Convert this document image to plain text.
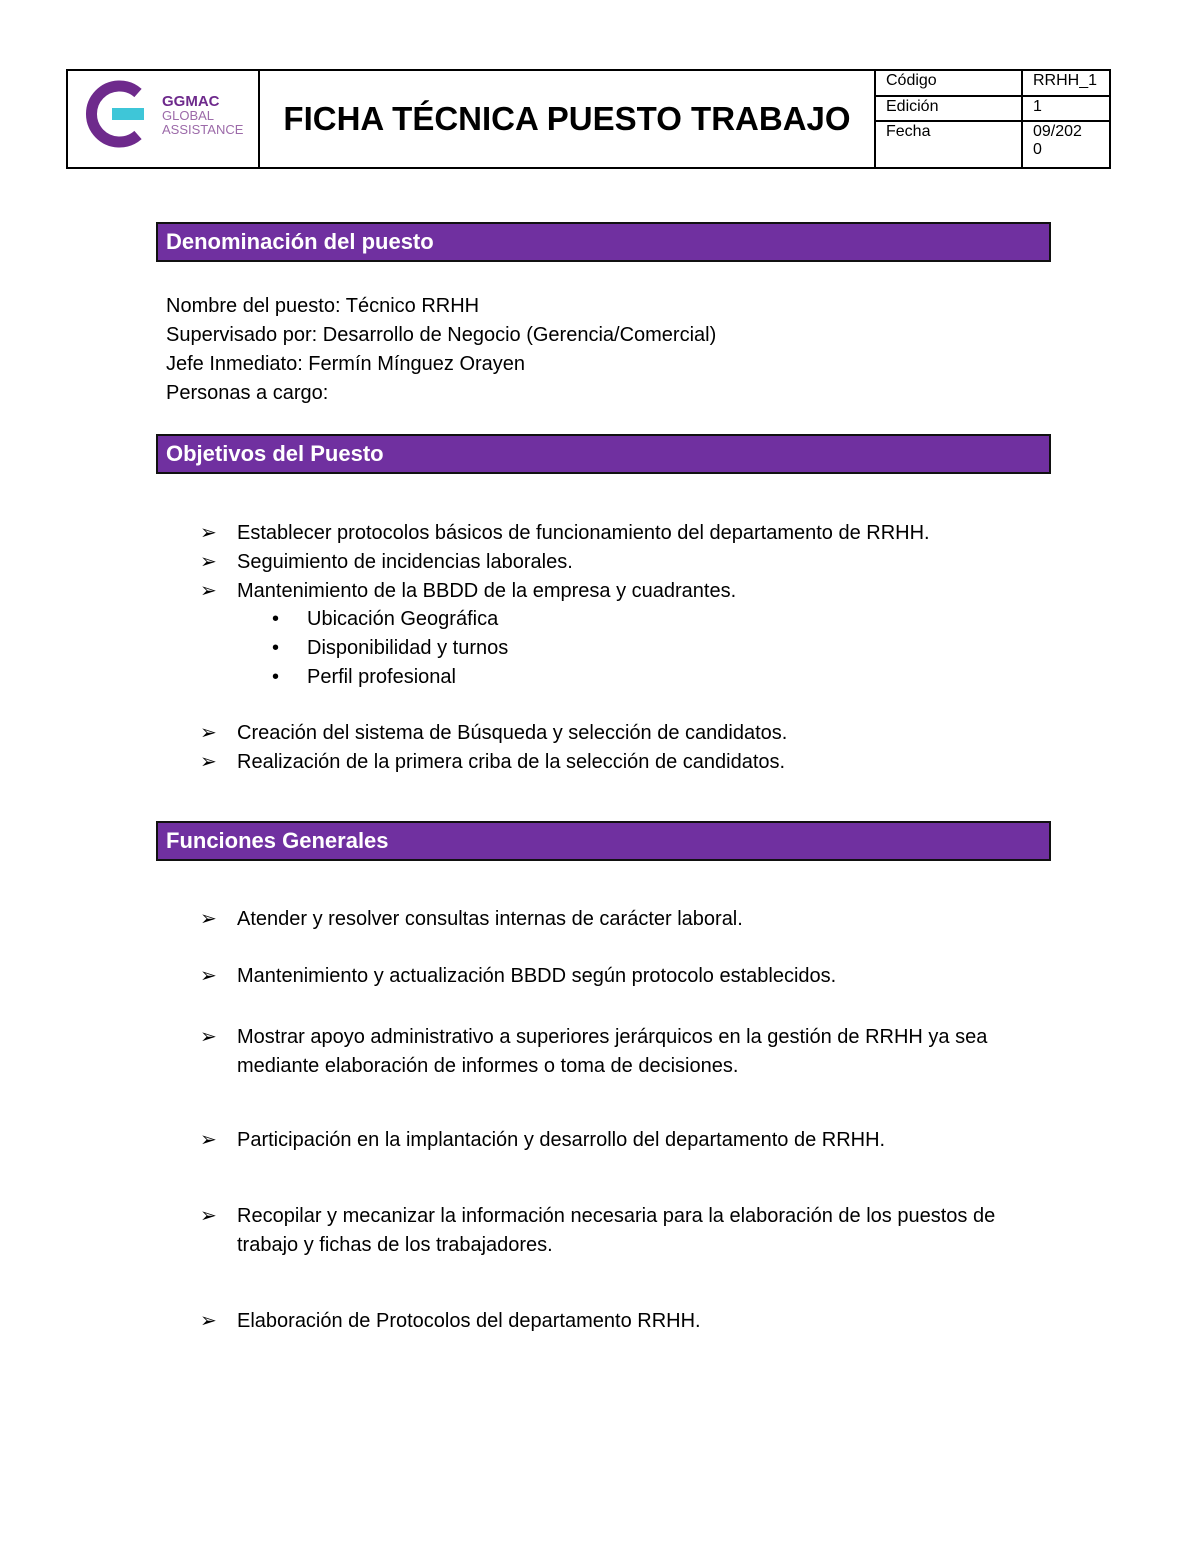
GGMAC
GLOBAL
ASSISTANCE	FICHA TÉCNICA PUESTO TRABAJO	
Código	RRHH_1
Edición	1
Fecha	09/202
0
Denominación del puesto
Nombre del puesto: Técnico RRHH
Supervisado por: Desarrollo de Negocio (Gerencia/Comercial)
Jefe Inmediato: Fermín Mínguez Orayen
Personas a cargo:
Objetivos del Puesto
➢ Establecer protocolos básicos de funcionamiento del departamento de RRHH.
➢ Seguimiento de incidencias laborales.
➢ Mantenimiento de la BBDD de la empresa y cuadrantes.
• Ubicación Geográfica
• Disponibilidad y turnos
• Perfil profesional
➢ Creación del sistema de Búsqueda y selección de candidatos.
➢ Realización de la primera criba de la selección de candidatos.
Funciones Generales
➢ Atender y resolver consultas internas de carácter laboral.
➢ Mantenimiento y actualización BBDD según protocolo establecidos.
➢ Mostrar apoyo administrativo a superiores jerárquicos en la gestión de RRHH ya sea mediante elaboración de informes o toma de decisiones.
➢ Participación en la implantación y desarrollo del departamento de RRHH.
➢ Recopilar y mecanizar la información necesaria para la elaboración de los puestos de trabajo y fichas de los trabajadores.
➢ Elaboración de Protocolos del departamento RRHH.
